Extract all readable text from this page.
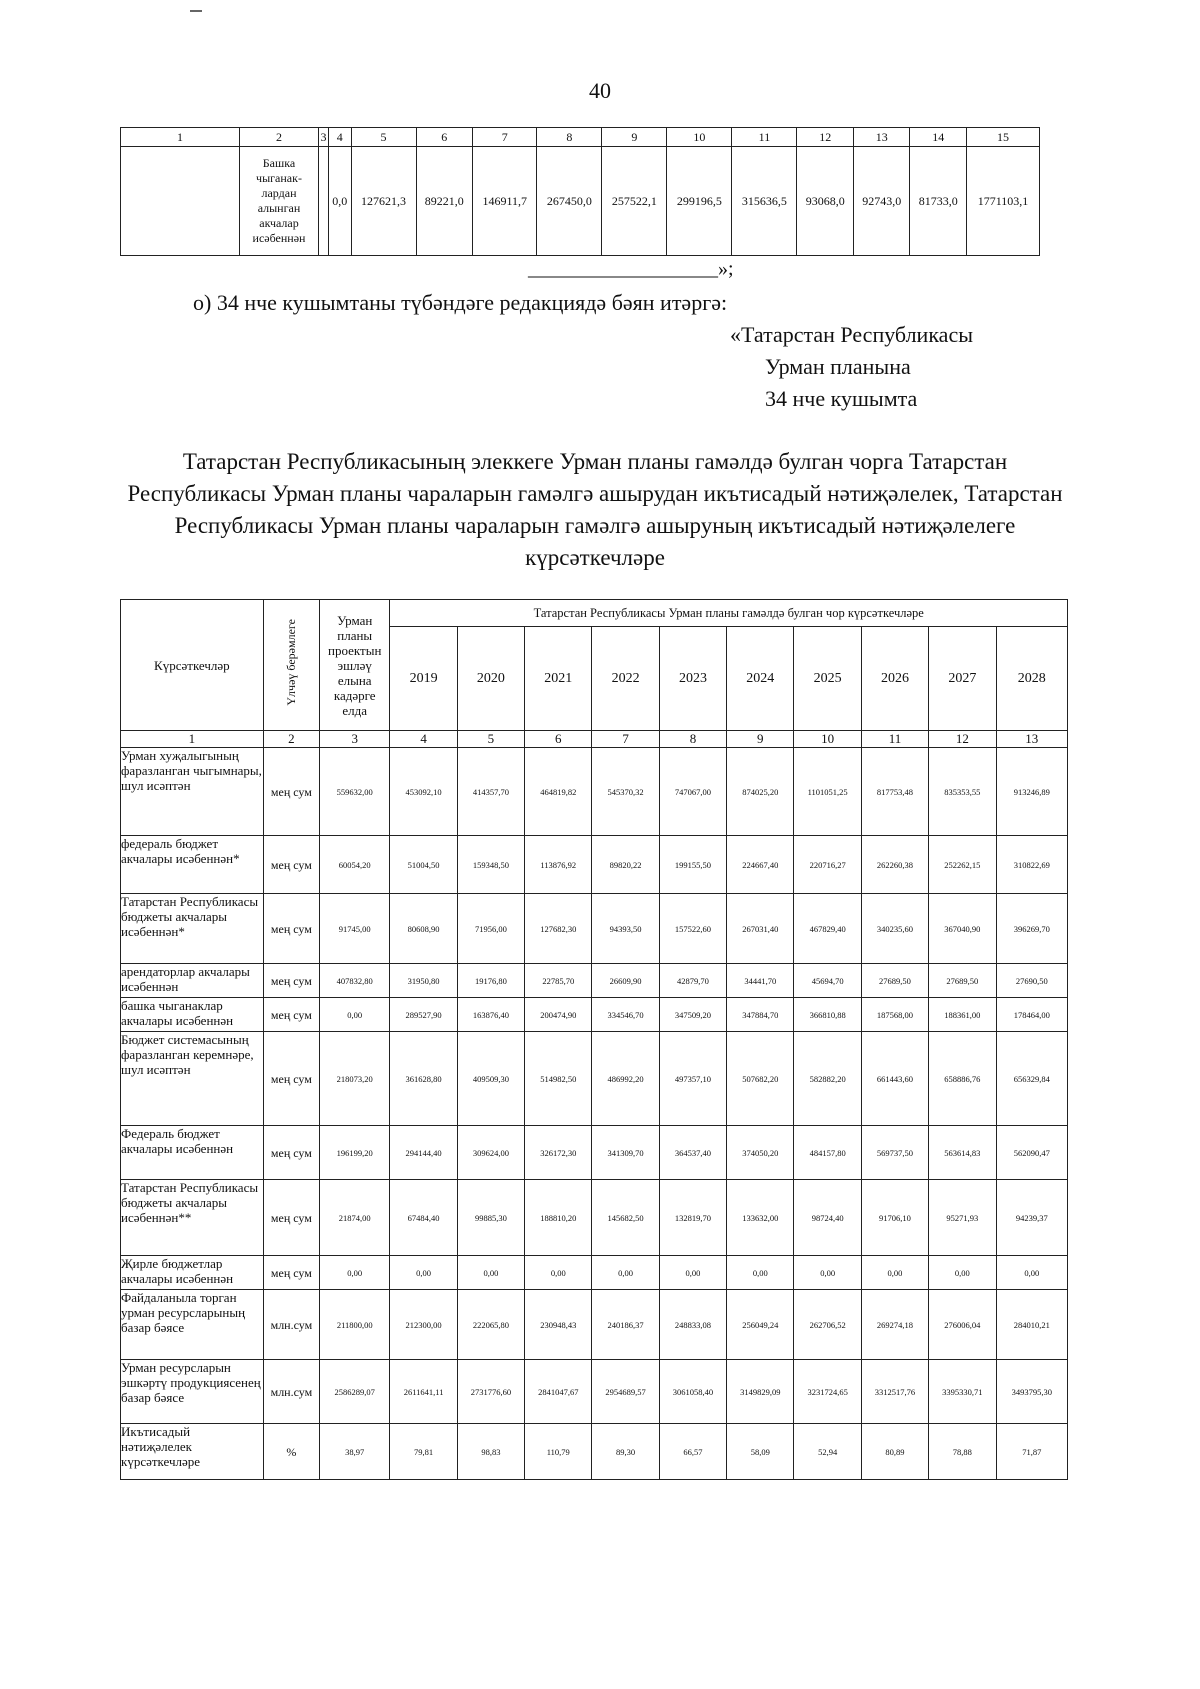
40
1	2	3	4	5	6	7	8	9	10	11	12	13	14	15
	Башка чыганак-лардан алынган акчалар исәбеннән		0,0	127621,3	89221,0	146911,7	267450,0	257522,1	299196,5	315636,5	93068,0	92743,0	81733,0	1771103,1
___________________»;
о) 34 нче кушымтаны түбәндәге редакциядә бәян итәргә:
«Татарстан Республикасы
Урман планына
34 нче кушымта
Татарстан Республикасының элеккеге Урман планы гамәлдә булган чорга Татарстан Республикасы Урман планы чараларын гамәлгә ашырудан икътисадый нәтиҗәлелек, Татарстан Республикасы Урман планы чараларын гамәлгә ашыруның икътисадый нәтиҗәлелеге күрсәткечләре
Күрсәткечләр	Үлчәү берәмлеге	Урман планы проектын эшләү елына кадәрге елда	Татарстан Республикасы Урман планы гамәлдә булган чор күрсәткечләре									
			2019	2020	2021	2022	2023	2024	2025	2026	2027	2028
1	2	3	4	5	6	7	8	9	10	11	12	13
Урман хуҗалыгының фаразланган чыгымнары, шул исәптән	мең сум	559632,00	453092,10	414357,70	464819,82	545370,32	747067,00	874025,20	1101051,25	817753,48	835353,55	913246,89
федераль бюджет акчалары исәбеннән*	мең сум	60054,20	51004,50	159348,50	113876,92	89820,22	199155,50	224667,40	220716,27	262260,38	252262,15	310822,69
Татарстан Республикасы бюджеты акчалары исәбеннән*	мең сум	91745,00	80608,90	71956,00	127682,30	94393,50	157522,60	267031,40	467829,40	340235,60	367040,90	396269,70
арендаторлар акчалары исәбеннән	мең сум	407832,80	31950,80	19176,80	22785,70	26609,90	42879,70	34441,70	45694,70	27689,50	27689,50	27690,50
башка чыганаклар акчалары исәбеннән	мең сум	0,00	289527,90	163876,40	200474,90	334546,70	347509,20	347884,70	366810,88	187568,00	188361,00	178464,00
Бюджет системасының фаразланган керемнәре, шул исәптән	мең сум	218073,20	361628,80	409509,30	514982,50	486992,20	497357,10	507682,20	582882,20	661443,60	658886,76	656329,84
Федераль бюджет акчалары исәбеннән	мең сум	196199,20	294144,40	309624,00	326172,30	341309,70	364537,40	374050,20	484157,80	569737,50	563614,83	562090,47
Татарстан Республикасы бюджеты акчалары исәбеннән**	мең сум	21874,00	67484,40	99885,30	188810,20	145682,50	132819,70	133632,00	98724,40	91706,10	95271,93	94239,37
Җирле бюджетлар акчалары исәбеннән	мең сум	0,00	0,00	0,00	0,00	0,00	0,00	0,00	0,00	0,00	0,00	0,00
Файдаланыла торган урман ресурсларының базар бәясе	млн.сум	211800,00	212300,00	222065,80	230948,43	240186,37	248833,08	256049,24	262706,52	269274,18	276006,04	284010,21
Урман ресурсларын эшкәртү продукциясенең базар бәясе	млн.сум	2586289,07	2611641,11	2731776,60	2841047,67	2954689,57	3061058,40	3149829,09	3231724,65	3312517,76	3395330,71	3493795,30
Икътисадый нәтиҗәлелек күрсәткечләре	%	38,97	79,81	98,83	110,79	89,30	66,57	58,09	52,94	80,89	78,88	71,87
